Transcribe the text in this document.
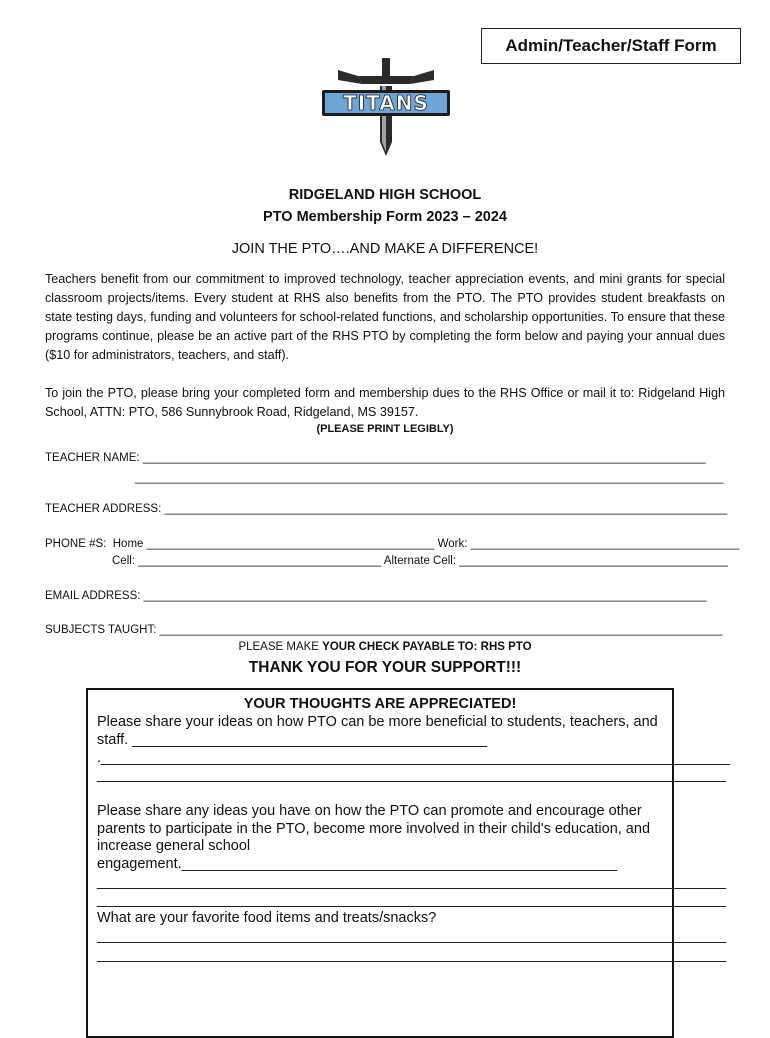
Admin/Teacher/Staff Form
TITANS
RIDGELAND HIGH SCHOOL
PTO Membership Form 2023 – 2024
JOIN THE PTO….AND MAKE A DIFFERENCE!
Teachers benefit from our commitment to improved technology, teacher appreciation events, and mini grants for special classroom projects/items. Every student at RHS also benefits from the PTO. The PTO provides student breakfasts on state testing days, funding and volunteers for school-related functions, and scholarship opportunities. To ensure that these programs continue, please be an active part of the RHS PTO by completing the form below and paying your annual dues ($10 for administrators, teachers, and staff).
To join the PTO, please bring your completed form and membership dues to the RHS Office or mail it to: Ridgeland High School, ATTN: PTO, 586 Sunnybrook Road, Ridgeland, MS 39157.
(PLEASE PRINT LEGIBLY)
TEACHER NAME: ________________________________________________________________________________________
____________________________________________________________________________________________
TEACHER ADDRESS: ________________________________________________________________________________________
PHONE #S: Home _____________________________________________ Work: __________________________________________
Cell: ______________________________________ Alternate Cell: __________________________________________
EMAIL ADDRESS: ________________________________________________________________________________________
SUBJECTS TAUGHT: ________________________________________________________________________________________
PLEASE MAKE YOUR CHECK PAYABLE TO: RHS PTO
THANK YOU FOR YOUR SUPPORT!!!
YOUR THOUGHTS ARE APPRECIATED!
Please share your ideas on how PTO can be more beneficial to students, teachers, and staff. ____________________________________________
.______________________________________________________________________________
______________________________________________________________________________
Please share any ideas you have on how the PTO can promote and encourage other parents to participate in the PTO, become more involved in their child's education, and increase general school engagement.______________________________________________________
______________________________________________________________________________
______________________________________________________________________________
What are your favorite food items and treats/snacks?
______________________________________________________________________________
______________________________________________________________________________
